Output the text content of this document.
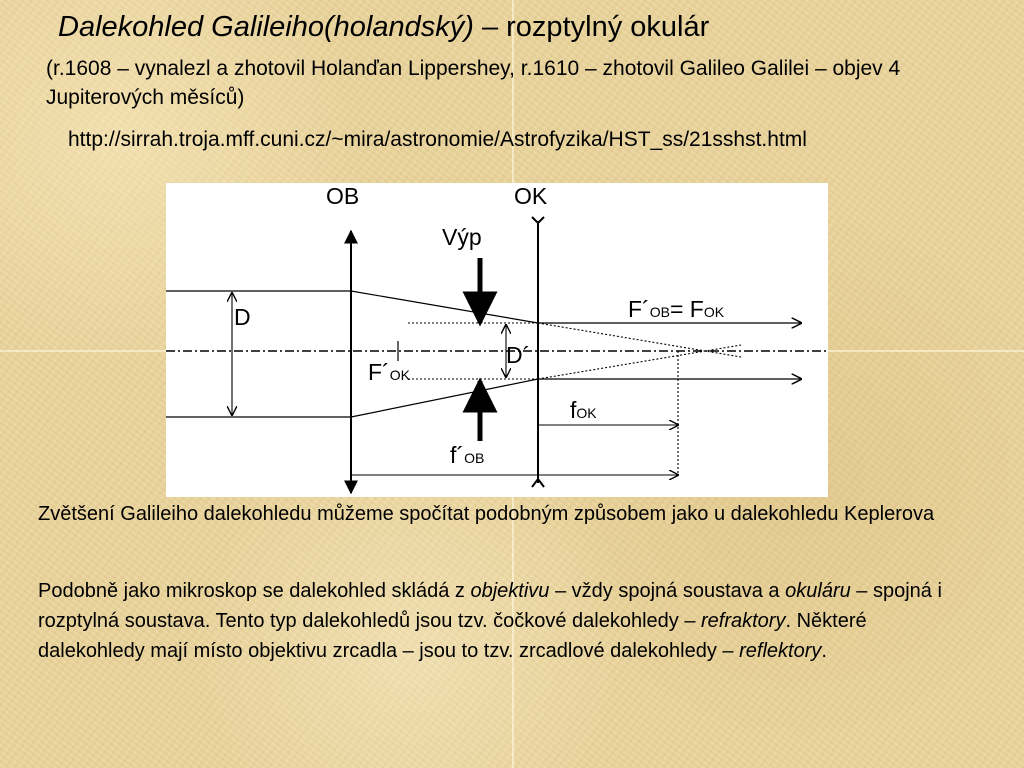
Dalekohled Galileiho(holandský) – rozptylný okulár
(r.1608 – vynalezl a zhotovil Holanďan Lippershey, r.1610 – zhotovil Galileo Galilei – objev 4 Jupiterových měsíců)
http://sirrah.troja.mff.cuni.cz/~mira/astronomie/Astrofyzika/HST_ss/21sshst.html
OB	OK
D
D´
Výp
fOK
f´OB
F´OB= FOK
F´OK
Zvětšení Galileiho dalekohledu můžeme spočítat podobným způsobem jako u dalekohledu Keplerova
Podobně jako mikroskop se dalekohled skládá z objektivu – vždy spojná soustava a okuláru – spojná i rozptylná soustava. Tento typ dalekohledů jsou tzv. čočkové dalekohledy – refraktory. Některé dalekohledy mají místo objektivu zrcadla – jsou to tzv. zrcadlové dalekohledy – reflektory.
